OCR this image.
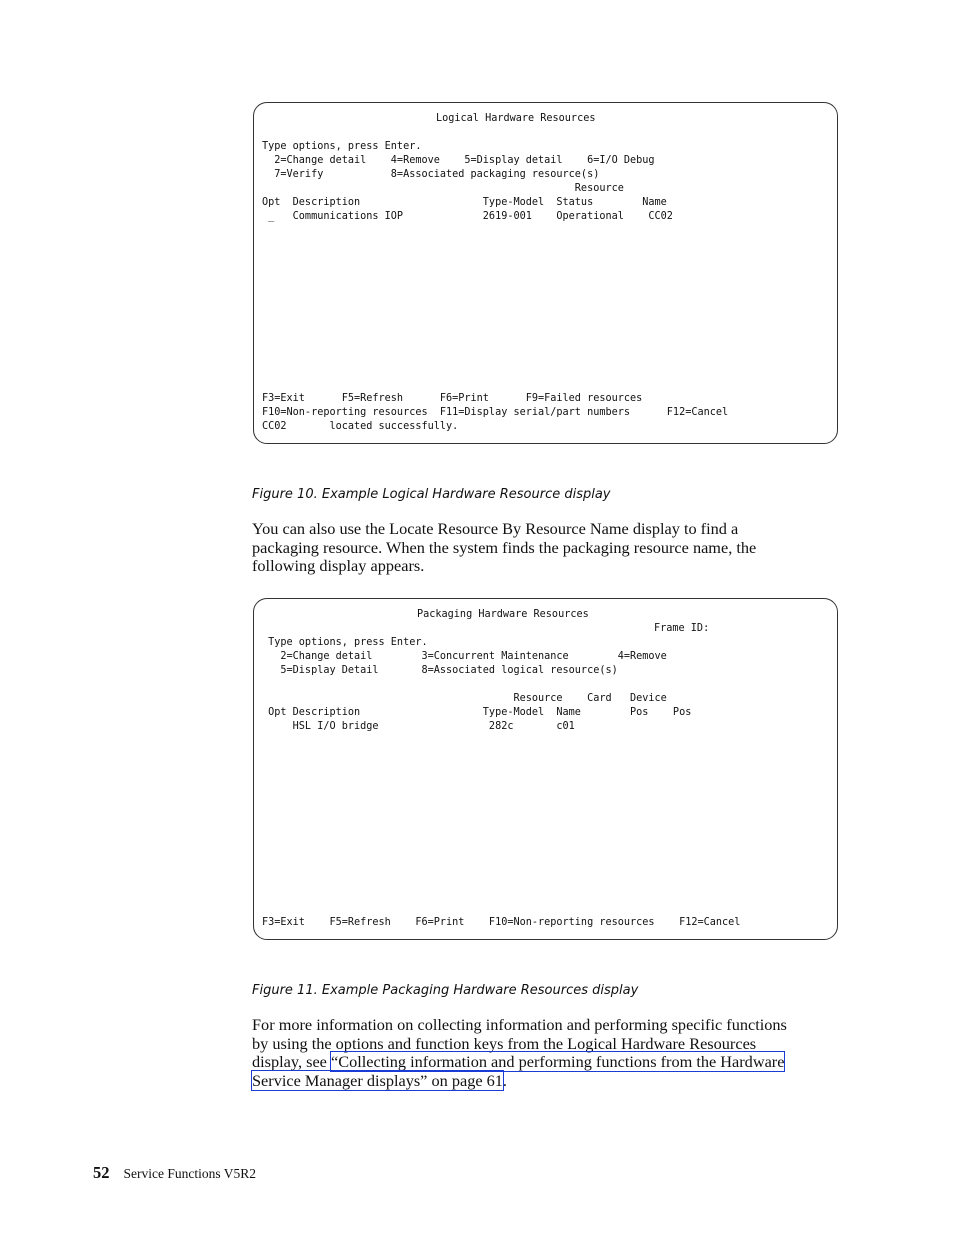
Logical Hardware Resources
Type options, press Enter.
2=Change detail    4=Remove    5=Display detail    6=I/O Debug
7=Verify           8=Associated packaging resource(s)
Resource
Opt  Description                    Type-Model  Status        Name
_   Communications IOP             2619-001    Operational    CC02
F3=Exit      F5=Refresh      F6=Print      F9=Failed resources
F10=Non-reporting resources  F11=Display serial/part numbers      F12=Cancel
CC02       located successfully.
Figure 10. Example Logical Hardware Resource display

You can also use the Locate Resource By Resource Name display to find a

packaging resource. When the system finds the packaging resource name, the

following display appears.

Packaging Hardware Resources
Frame ID:
Type options, press Enter.
2=Change detail        3=Concurrent Maintenance        4=Remove
5=Display Detail       8=Associated logical resource(s)
Resource    Card   Device
Opt Description                    Type-Model  Name        Pos    Pos
HSL I/O bridge                  282c       c01
F3=Exit    F5=Refresh    F6=Print    F10=Non-reporting resources    F12=Cancel
Figure 11. Example Packaging Hardware Resources display

For more information on collecting information and performing specific functions

by using the options and function keys from the Logical Hardware Resources

display, see “Collecting information and performing functions from the Hardware

Service Manager displays” on page 61.

52 Service Functions V5R2
